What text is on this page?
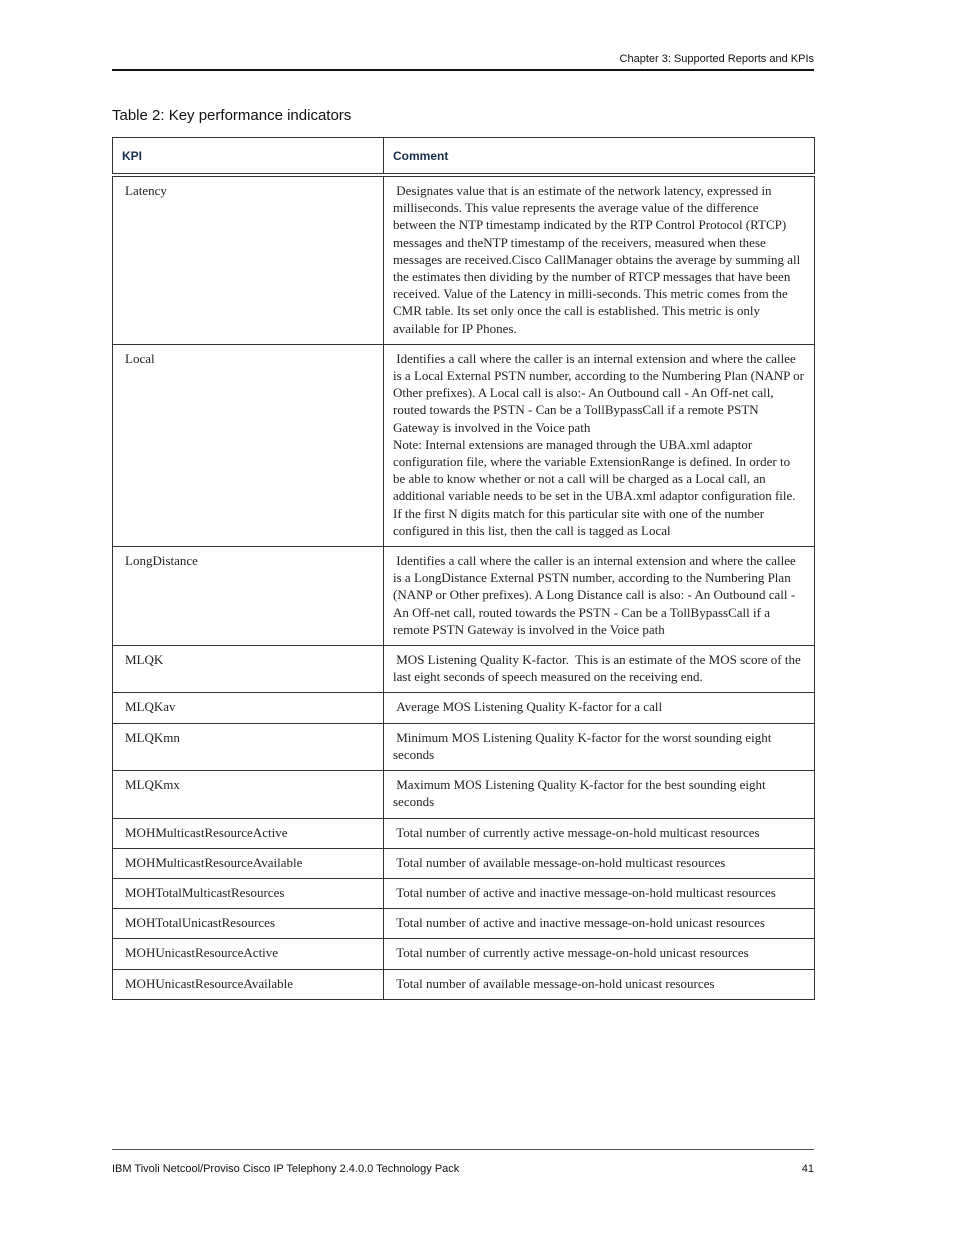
Chapter 3: Supported Reports and KPIs
Table 2: Key performance indicators
KPI	Comment
Latency	Designates value that is an estimate of the network latency, expressed in milliseconds. This value represents the average value of the difference between the NTP timestamp indicated by the RTP Control Protocol (RTCP) messages and theNTP timestamp of the receivers, measured when these messages are received.Cisco CallManager obtains the average by summing all the estimates then dividing by the number of RTCP messages that have been received. Value of the Latency in milli-seconds. This metric comes from the CMR table. Its set only once the call is established. This metric is only available for IP Phones.
Local	Identifies a call where the caller is an internal extension and where the callee is a Local External PSTN number, according to the Numbering Plan (NANP or Other prefixes). A Local call is also:- An Outbound call - An Off-net call, routed towards the PSTN - Can be a TollBypassCall if a remote PSTN Gateway is involved in the Voice path
Note: Internal extensions are managed through the UBA.xml adaptor configuration file, where the variable ExtensionRange is defined. In order to be able to know whether or not a call will be charged as a Local call, an additional variable needs to be set in the UBA.xml adaptor configuration file. If the first N digits match for this particular site with one of the number configured in this list, then the call is tagged as Local
LongDistance	Identifies a call where the caller is an internal extension and where the callee is a LongDistance External PSTN number, according to the Numbering Plan (NANP or Other prefixes). A Long Distance call is also: - An Outbound call - An Off-net call, routed towards the PSTN - Can be a TollBypassCall if a remote PSTN Gateway is involved in the Voice path
MLQK	MOS Listening Quality K-factor.  This is an estimate of the MOS score of the last eight seconds of speech measured on the receiving end.
MLQKav	Average MOS Listening Quality K-factor for a call
MLQKmn	Minimum MOS Listening Quality K-factor for the worst sounding eight seconds
MLQKmx	Maximum MOS Listening Quality K-factor for the best sounding eight seconds
MOHMulticastResourceActive	Total number of currently active message-on-hold multicast resources
MOHMulticastResourceAvailable	Total number of available message-on-hold multicast resources
MOHTotalMulticastResources	Total number of active and inactive message-on-hold multicast resources
MOHTotalUnicastResources	Total number of active and inactive message-on-hold unicast resources
MOHUnicastResourceActive	Total number of currently active message-on-hold unicast resources
MOHUnicastResourceAvailable	Total number of available message-on-hold unicast resources
IBM Tivoli Netcool/Proviso Cisco IP Telephony 2.4.0.0 Technology Pack	41
